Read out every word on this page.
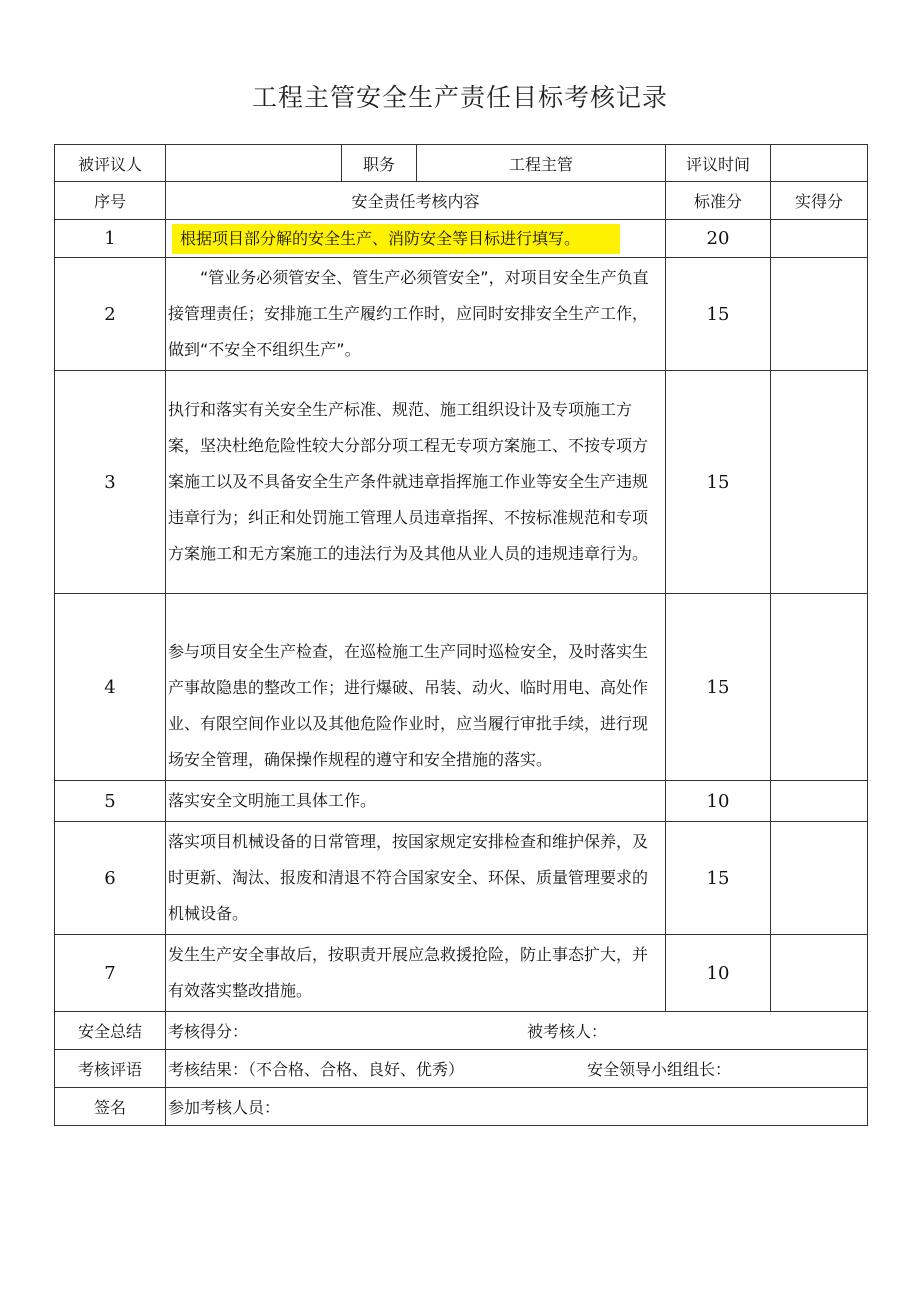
工程主管安全生产责任目标考核记录
被评议人		职务	工程主管	评议时间	
序号	安全责任考核内容			标准分	实得分
1	根据项目部分解的安全生产、消防安全等目标进行填写。			20	
2	“管业务必须管安全、管生产必须管安全”，对项目安全生产负直接管理责任；安排施工生产履约工作时，应同时安排安全生产工作，做到“不安全不组织生产”。			15	
3	执行和落实有关安全生产标准、规范、施工组织设计及专项施工方案，坚决杜绝危险性较大分部分项工程无专项方案施工、不按专项方案施工以及不具备安全生产条件就违章指挥施工作业等安全生产违规违章行为；纠正和处罚施工管理人员违章指挥、不按标准规范和专项方案施工和无方案施工的违法行为及其他从业人员的违规违章行为。			15	
4	参与项目安全生产检查，在巡检施工生产同时巡检安全，及时落实生产事故隐患的整改工作；进行爆破、吊装、动火、临时用电、高处作业、有限空间作业以及其他危险作业时，应当履行审批手续，进行现场安全管理，确保操作规程的遵守和安全措施的落实。			15	
5	落实安全文明施工具体工作。			10	
6	落实项目机械设备的日常管理，按国家规定安排检查和维护保养，及时更新、淘汰、报废和清退不符合国家安全、环保、质量管理要求的机械设备。			15	
7	发生生产安全事故后，按职责开展应急救援抢险，防止事态扩大，并有效落实整改措施。			10	
安全总结	考核得分： 被考核人：				

考核评语	考核结果：（不合格、合格、良好、优秀） 安全领导小组组长：				

签名	参加考核人员：				
